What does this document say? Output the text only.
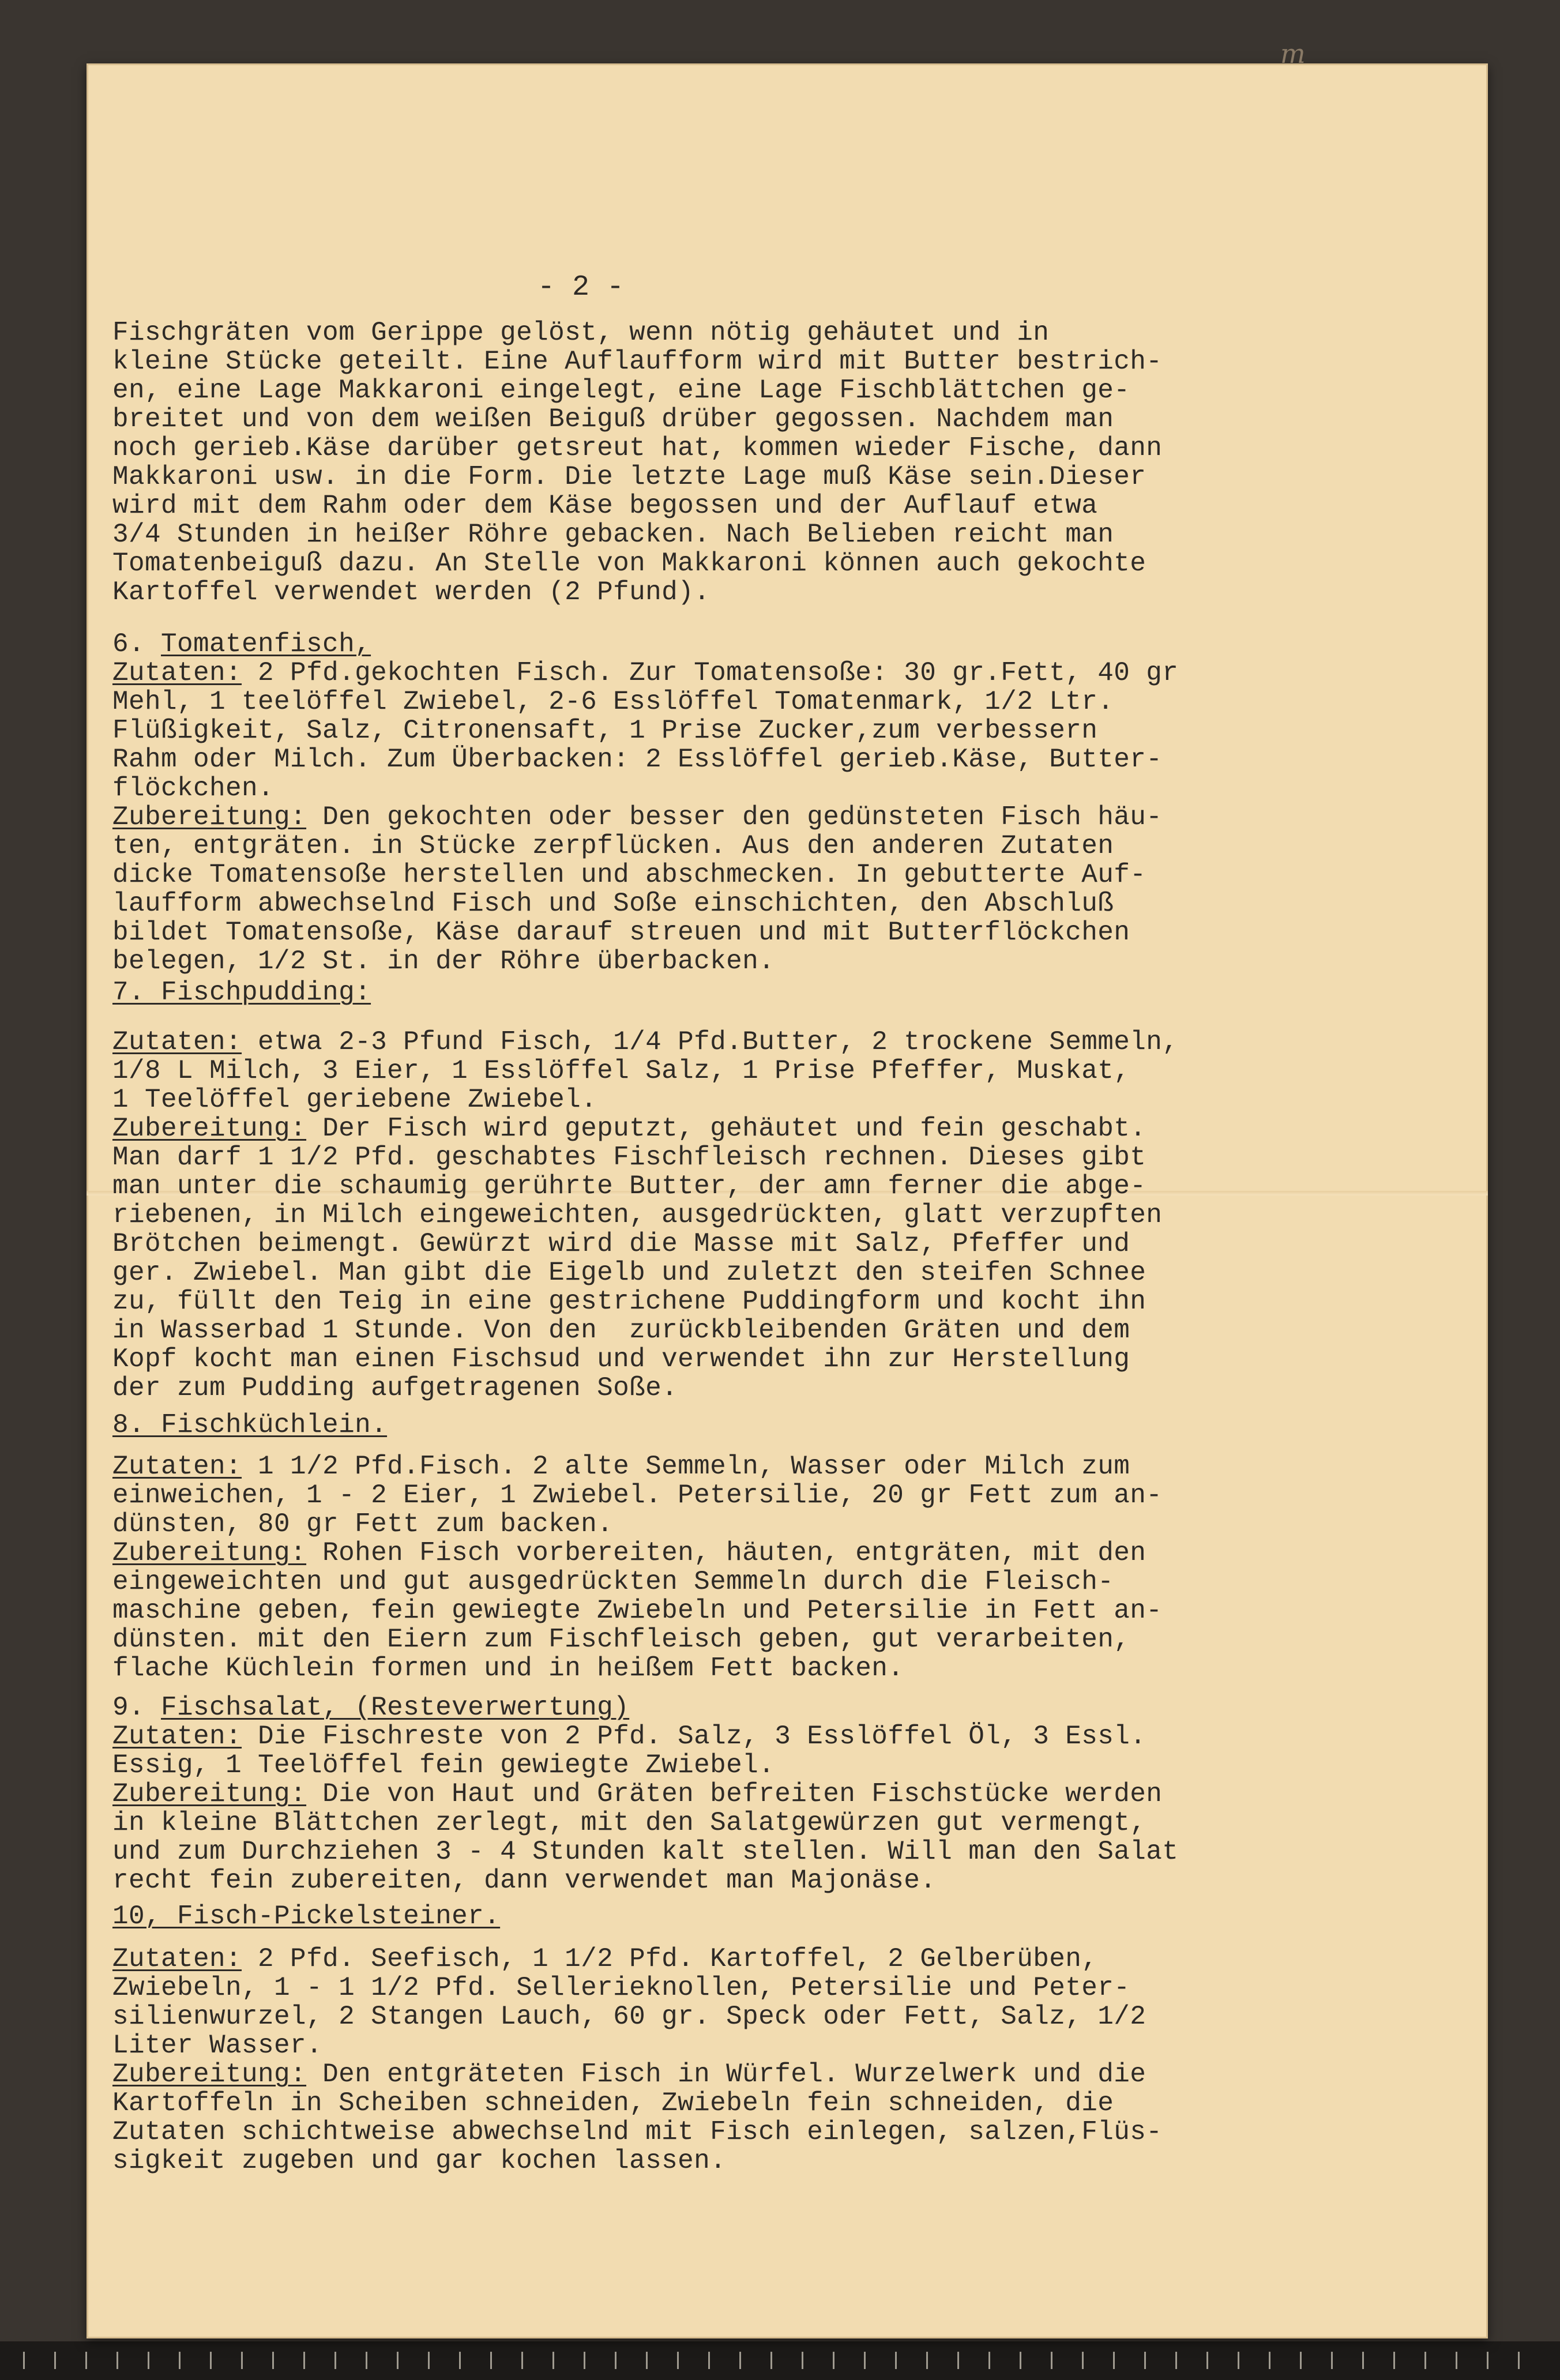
m
- 2 -
Fischgräten vom Gerippe gelöst, wenn nötig gehäutet und in
kleine Stücke geteilt. Eine Auflaufform wird mit Butter bestrich-
en, eine Lage Makkaroni eingelegt, eine Lage Fischblättchen ge-
breitet und von dem weißen Beiguß drüber gegossen. Nachdem man
noch gerieb.Käse darüber getsreut hat, kommen wieder Fische, dann
Makkaroni usw. in die Form. Die letzte Lage muß Käse sein.Dieser
wird mit dem Rahm oder dem Käse begossen und der Auflauf etwa
3/4 Stunden in heißer Röhre gebacken. Nach Belieben reicht man
Tomatenbeiguß dazu. An Stelle von Makkaroni können auch gekochte
Kartoffel verwendet werden (2 Pfund).
6. Tomatenfisch,
Zutaten: 2 Pfd.gekochten Fisch. Zur Tomatensoße: 30 gr.Fett, 40 gr
Mehl, 1 teelöffel Zwiebel, 2-6 Esslöffel Tomatenmark, 1/2 Ltr.
Flüßigkeit, Salz, Citronensaft, 1 Prise Zucker,zum verbessern
Rahm oder Milch. Zum Überbacken: 2 Esslöffel gerieb.Käse, Butter-
flöckchen.
Zubereitung: Den gekochten oder besser den gedünsteten Fisch häu-
ten, entgräten. in Stücke zerpflücken. Aus den anderen Zutaten
dicke Tomatensoße herstellen und abschmecken. In gebutterte Auf-
laufform abwechselnd Fisch und Soße einschichten, den Abschluß
bildet Tomatensoße, Käse darauf streuen und mit Butterflöckchen
belegen, 1/2 St. in der Röhre überbacken.
7. Fischpudding:
Zutaten: etwa 2-3 Pfund Fisch, 1/4 Pfd.Butter, 2 trockene Semmeln,
1/8 L Milch, 3 Eier, 1 Esslöffel Salz, 1 Prise Pfeffer, Muskat,
1 Teelöffel geriebene Zwiebel.
Zubereitung: Der Fisch wird geputzt, gehäutet und fein geschabt.
Man darf 1 1/2 Pfd. geschabtes Fischfleisch rechnen. Dieses gibt
man unter die schaumig gerührte Butter, der amn ferner die abge-
riebenen, in Milch eingeweichten, ausgedrückten, glatt verzupften
Brötchen beimengt. Gewürzt wird die Masse mit Salz, Pfeffer und
ger. Zwiebel. Man gibt die Eigelb und zuletzt den steifen Schnee
zu, füllt den Teig in eine gestrichene Puddingform und kocht ihn
in Wasserbad 1 Stunde. Von den  zurückbleibenden Gräten und dem
Kopf kocht man einen Fischsud und verwendet ihn zur Herstellung
der zum Pudding aufgetragenen Soße.
8. Fischküchlein.
Zutaten: 1 1/2 Pfd.Fisch. 2 alte Semmeln, Wasser oder Milch zum
einweichen, 1 - 2 Eier, 1 Zwiebel. Petersilie, 20 gr Fett zum an-
dünsten, 80 gr Fett zum backen.
Zubereitung: Rohen Fisch vorbereiten, häuten, entgräten, mit den
eingeweichten und gut ausgedrückten Semmeln durch die Fleisch-
maschine geben, fein gewiegte Zwiebeln und Petersilie in Fett an-
dünsten. mit den Eiern zum Fischfleisch geben, gut verarbeiten,
flache Küchlein formen und in heißem Fett backen.
9. Fischsalat, (Resteverwertung)
Zutaten: Die Fischreste von 2 Pfd. Salz, 3 Esslöffel Öl, 3 Essl.
Essig, 1 Teelöffel fein gewiegte Zwiebel.
Zubereitung: Die von Haut und Gräten befreiten Fischstücke werden
in kleine Blättchen zerlegt, mit den Salatgewürzen gut vermengt,
und zum Durchziehen 3 - 4 Stunden kalt stellen. Will man den Salat
recht fein zubereiten, dann verwendet man Majonäse.
10, Fisch-Pickelsteiner.
Zutaten: 2 Pfd. Seefisch, 1 1/2 Pfd. Kartoffel, 2 Gelberüben,
Zwiebeln, 1 - 1 1/2 Pfd. Sellerieknollen, Petersilie und Peter-
silienwurzel, 2 Stangen Lauch, 60 gr. Speck oder Fett, Salz, 1/2
Liter Wasser.
Zubereitung: Den entgräteten Fisch in Würfel. Wurzelwerk und die
Kartoffeln in Scheiben schneiden, Zwiebeln fein schneiden, die
Zutaten schichtweise abwechselnd mit Fisch einlegen, salzen,Flüs-
sigkeit zugeben und gar kochen lassen.
